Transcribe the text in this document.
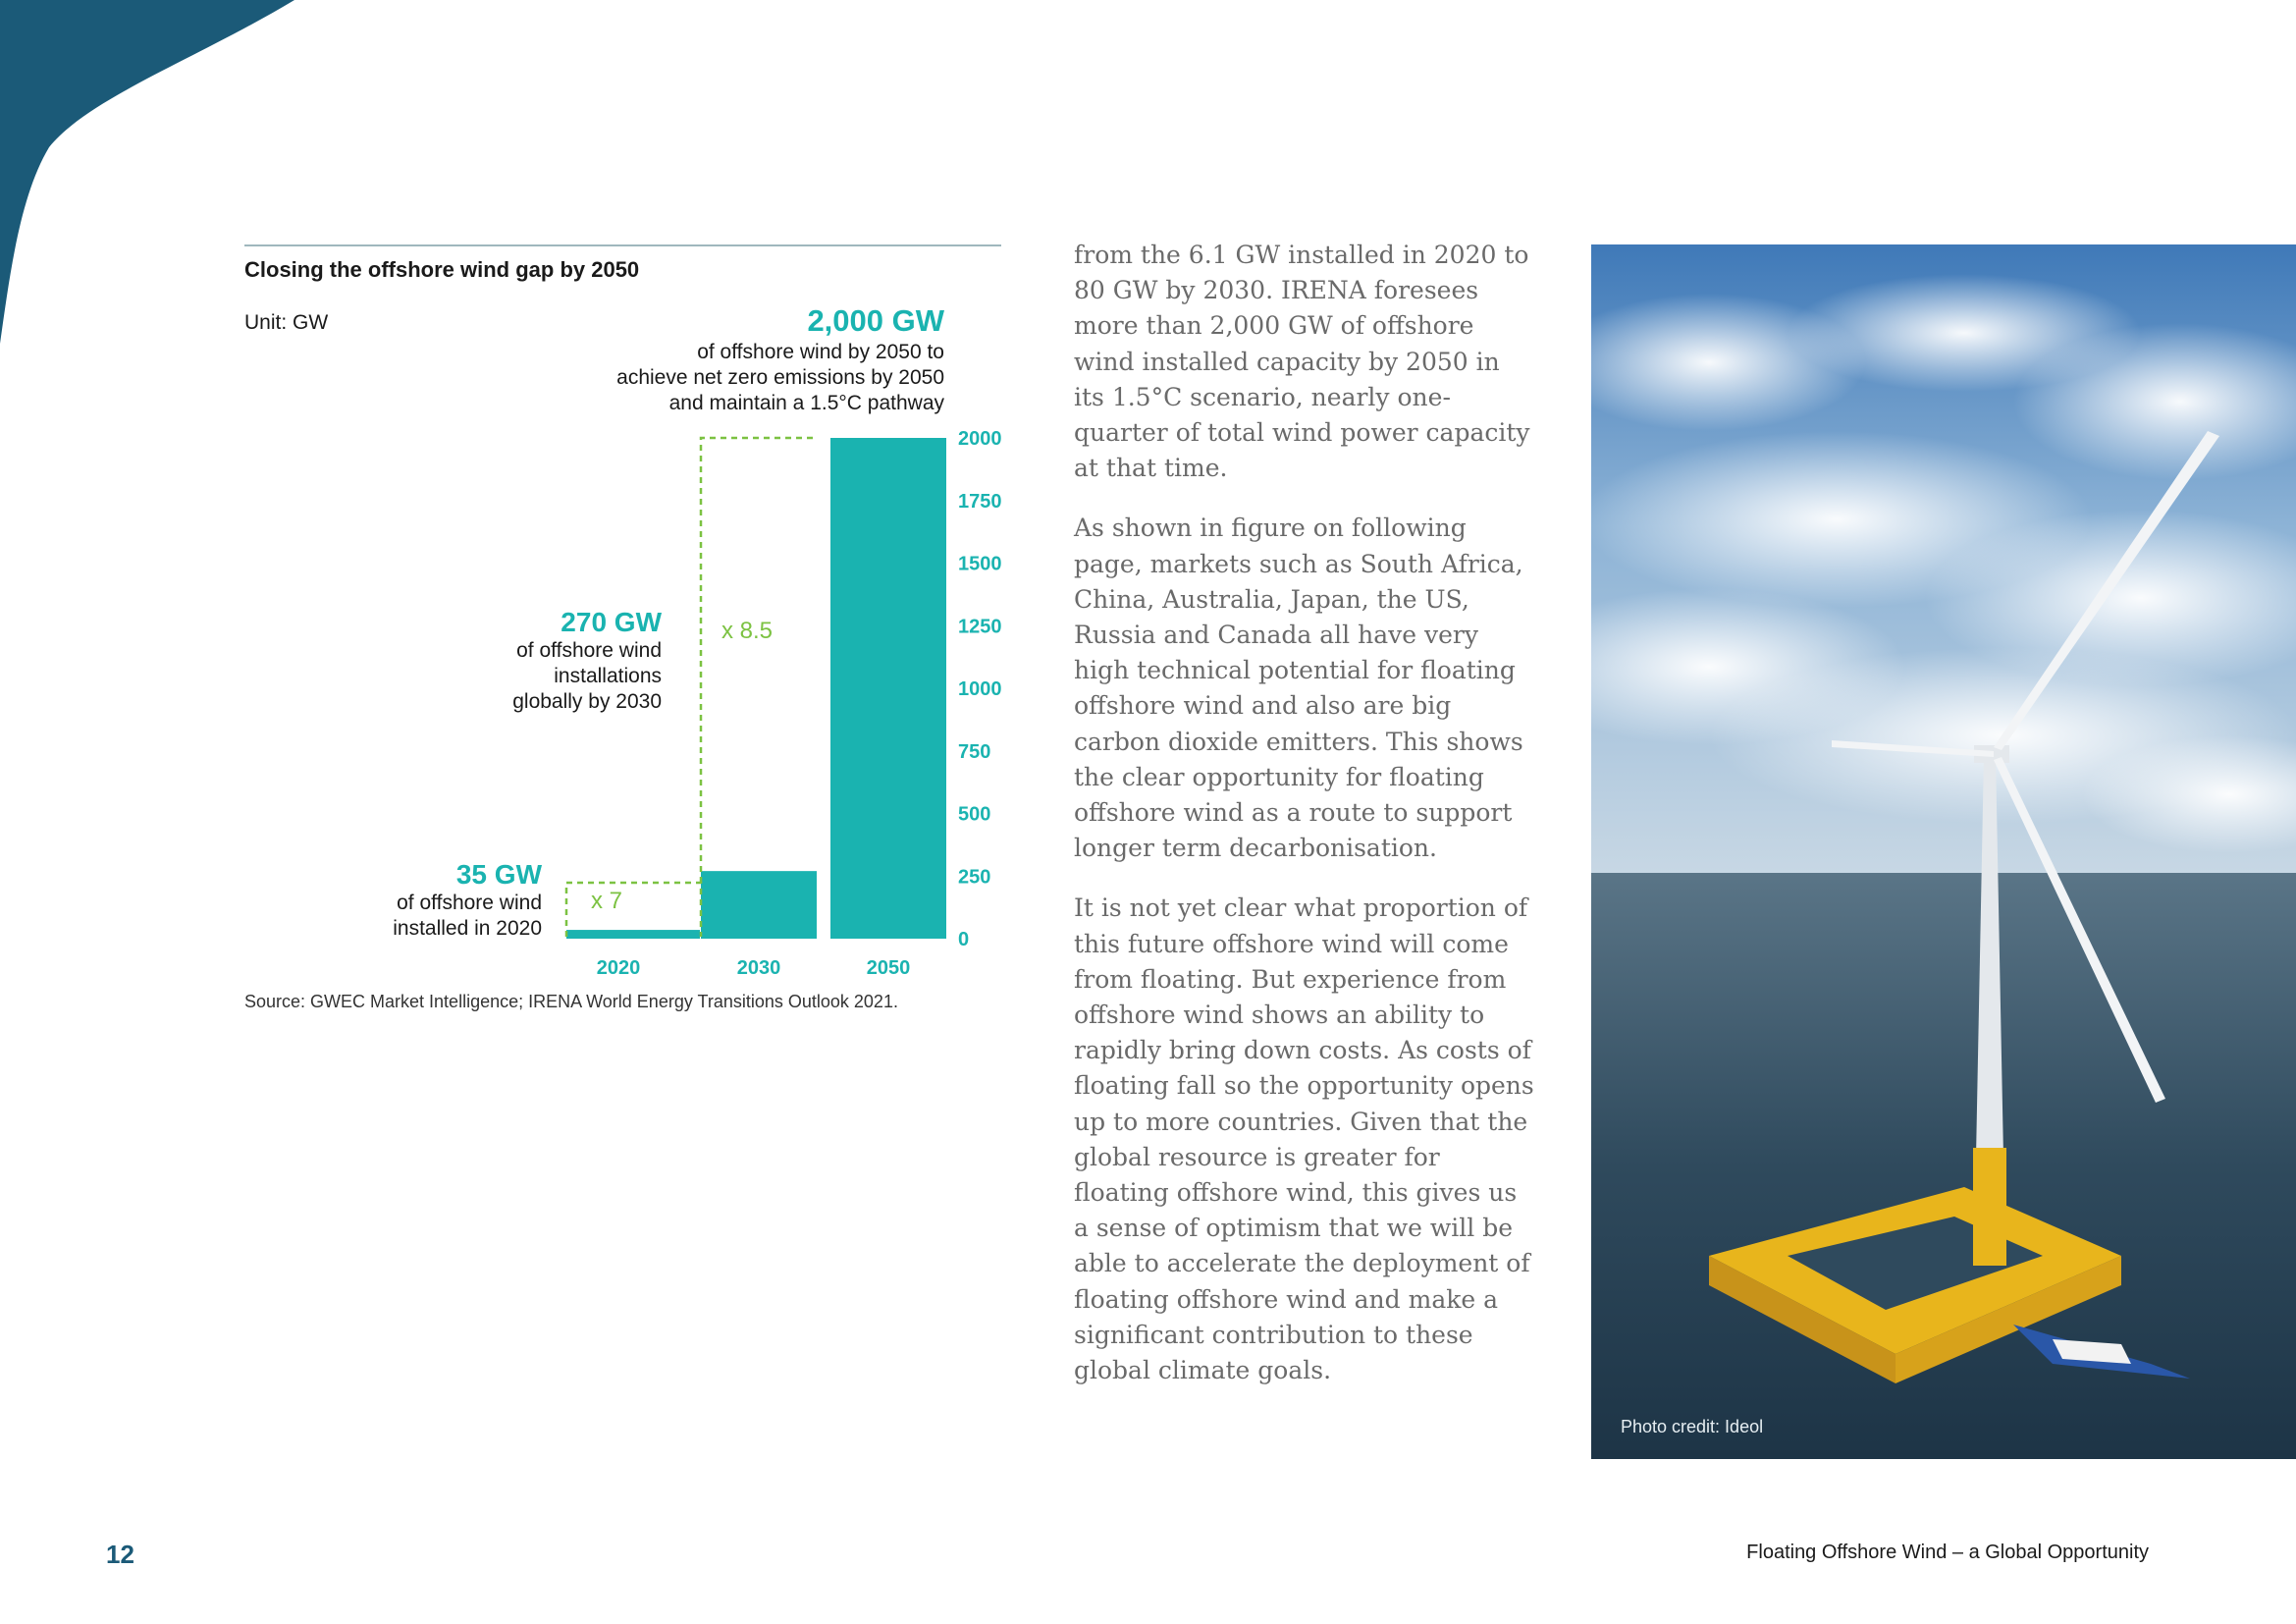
Closing the offshore wind gap by 2050
Unit: GW
0
250
500
750
1000
1250
1500
1750
2000
2020	2030	2050
x 7
x 8.5
2,000 GW
of offshore wind by 2050 to
achieve net zero emissions by 2050
and maintain a 1.5°C pathway
270 GW
of offshore wind
installations
globally by 2030
35 GW
of offshore wind
installed in 2020
Source: GWEC Market Intelligence; IRENA World Energy Transitions Outlook 2021.

from the 6.1 GW installed in 2020 to 80 GW by 2030. IRENA foresees more than 2,000 GW of offshore wind installed capacity by 2050 in its 1.5°C scenario, nearly one-quarter of total wind power capacity at that time.

As shown in figure on following page, markets such as South Africa, China, Australia, Japan, the US, Russia and Canada all have very high technical potential for floating offshore wind and also are big carbon dioxide emitters. This shows the clear opportunity for floating offshore wind as a route to support longer term decarbonisation.

It is not yet clear what proportion of this future offshore wind will come from floating. But experience from offshore wind shows an ability to rapidly bring down costs. As costs of floating fall so the opportunity opens up to more countries. Given that the global resource is greater for floating offshore wind, this gives us a sense of optimism that we will be able to accelerate the deployment of floating offshore wind and make a significant contribution to these global climate goals.

Photo credit: Ideol
12	Floating Offshore Wind – a Global Opportunity
